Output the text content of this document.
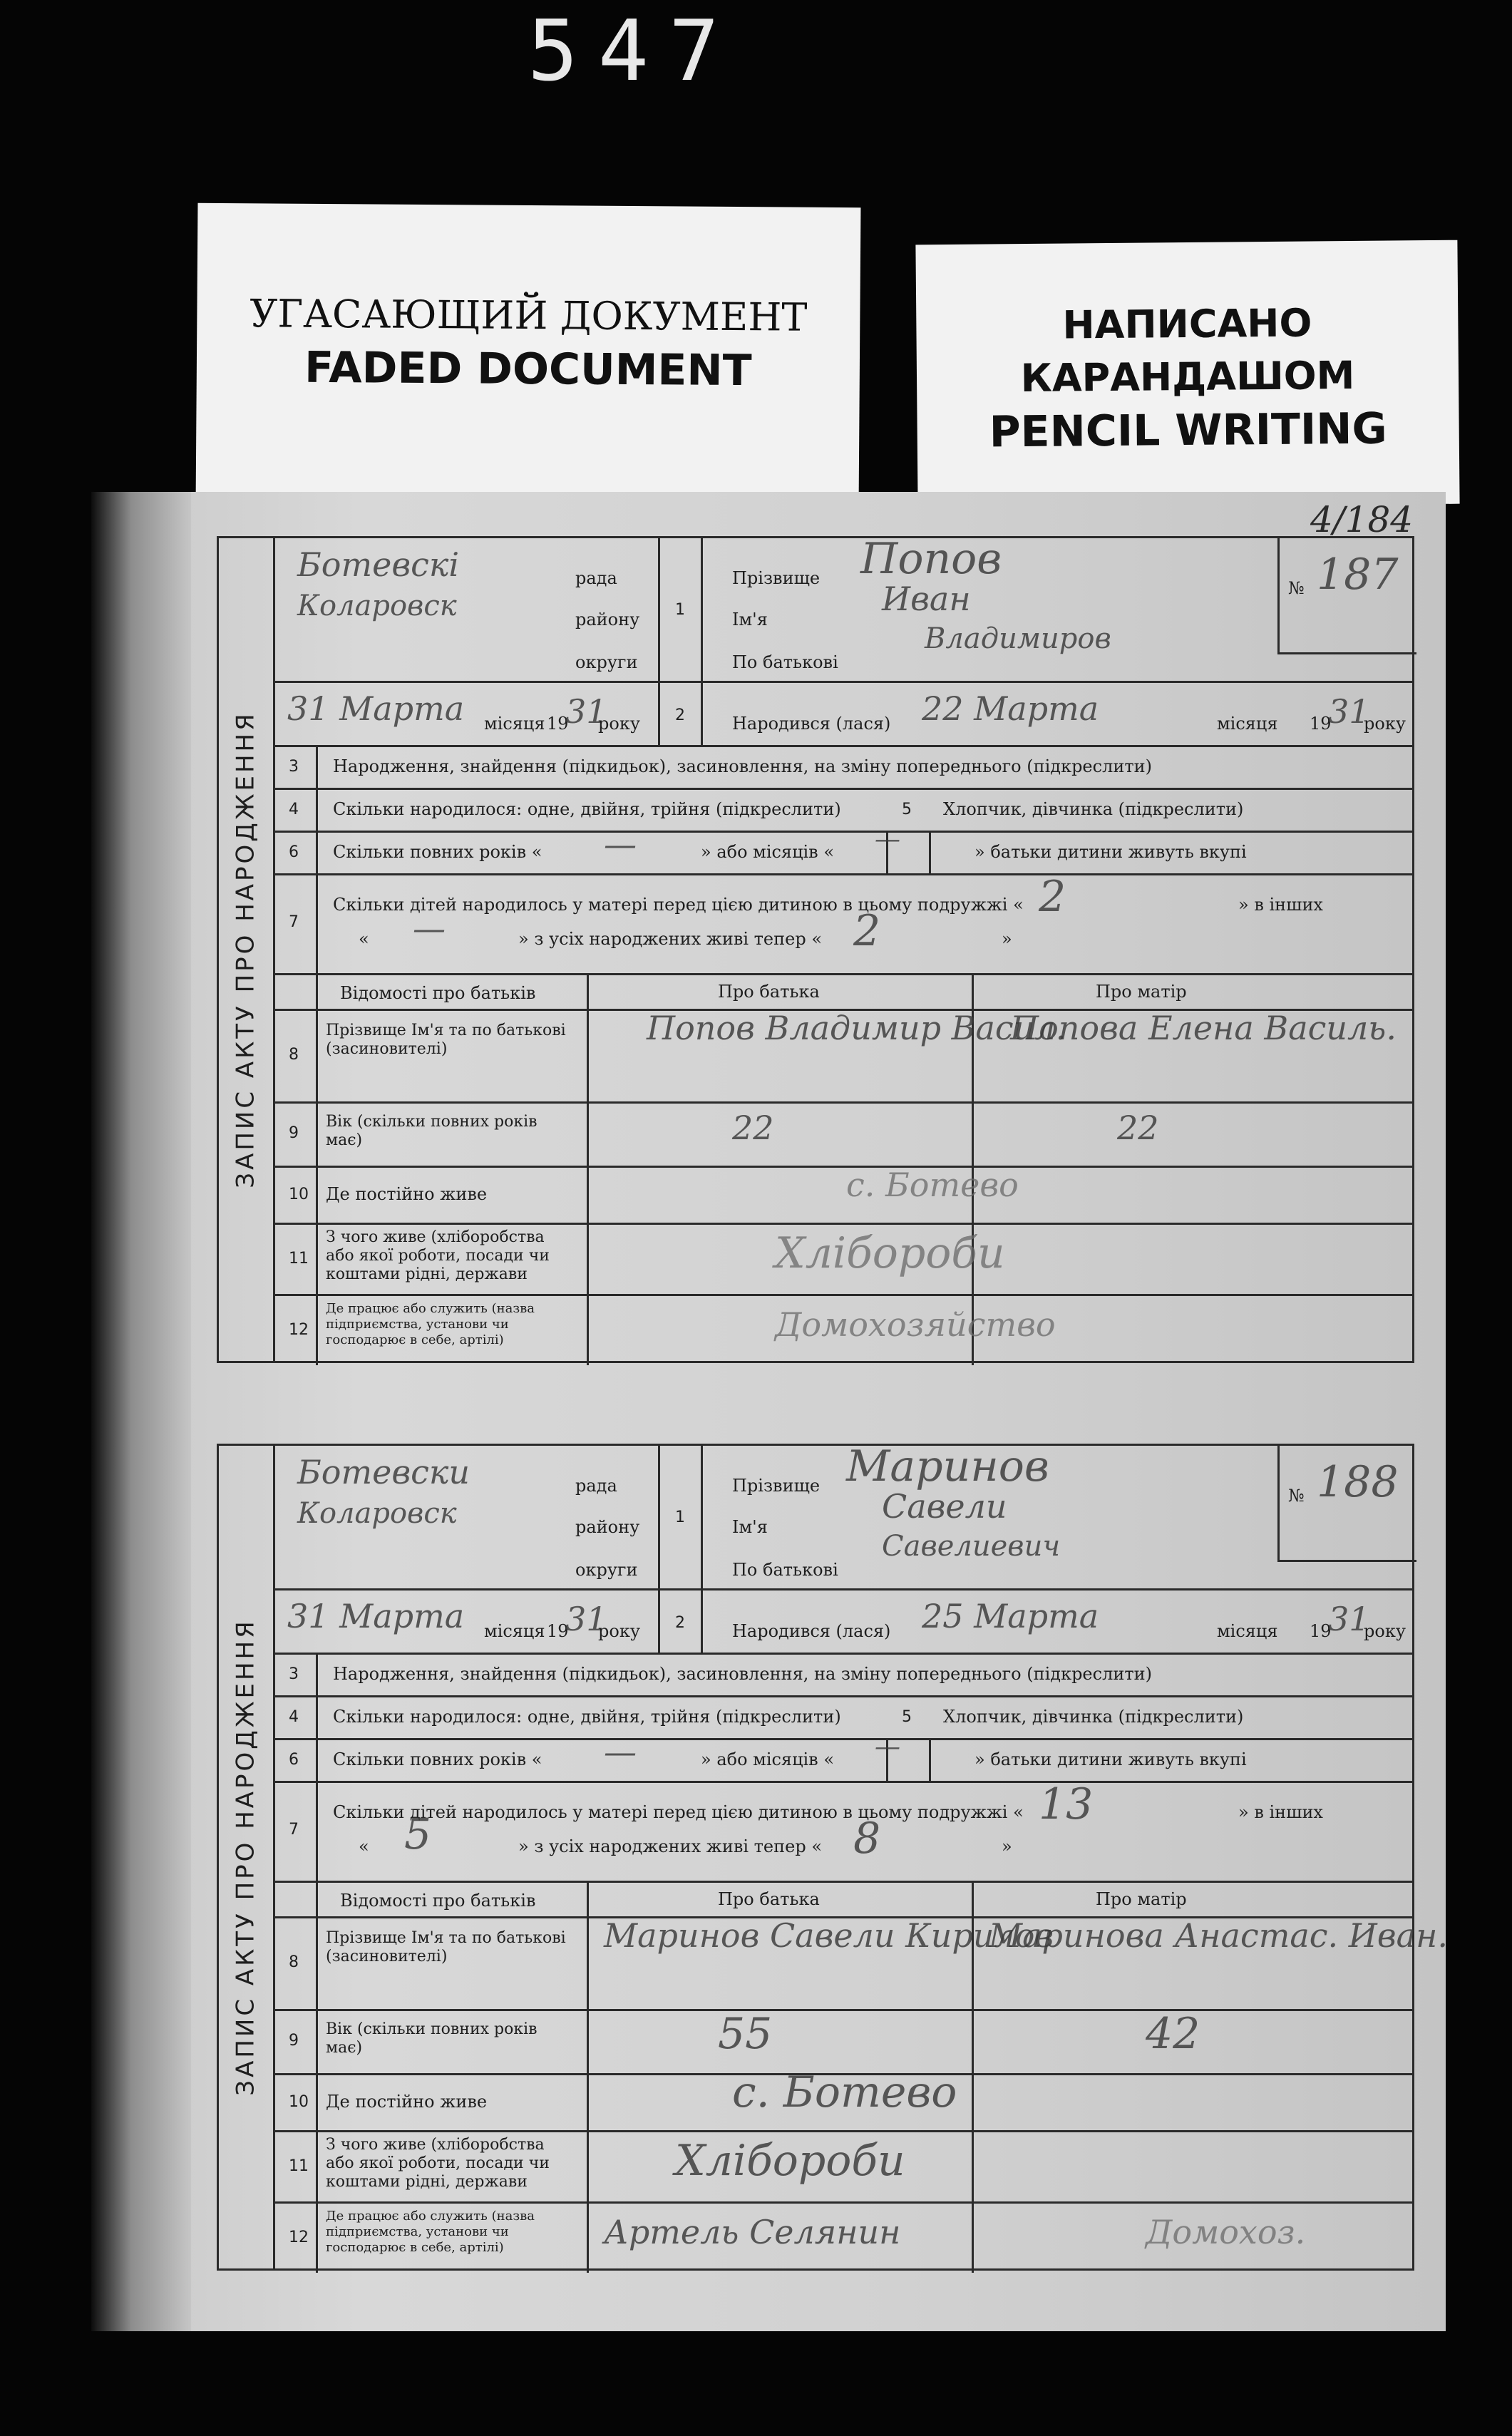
547
УГАСАЮЩИЙ ДОКУМЕНТ
FADED DOCUMENT
НАПИСАНО
КАРАНДАШОМ
PENCIL WRITING
4/184
ЗАПИС АКТУ ПРО НАРОДЖЕННЯ
Ботевскі	рада
Коларовск	району
округи
31 Марта місяця 19
31
року
1
Прізвище Попов
Ім'я
Иван
По батькові
Владимиров
№ 187
2	Народився (лася) 22 Марта	місяця 19
31
року
3 Народження, знайдення (підкидьок), засиновлення, на зміну попереднього (підкреслити)
4 Скільки народилося: одне, двійня, трійня (підкреслити)	5 Хлопчик, дівчинка (підкреслити)
6 Скільки повних років « —	» або місяців « —	» батьки дитини живуть вкупі
7
Скільки дітей народилось у матері перед цією дитиною в цьому подружжі « 2	» в інших
« —	» з усіх народжених живі тепер « 2	»
Відомості про батьків	Про батька	Про матір
8
Прізвище Ім'я та по батькові (засиновителі)
Попов Владимир Васил.
Попова Елена Василь.
9
Вік (скільки повних років має)	22	22
10 Де постійно живе	с. Ботево
11
З чого живе (хліборобства або якої роботи, посади чи коштами рідні, держави	Хлібороби
12
Де працює або служить (назва підприємства, установи чи господарює в себе, артілі)	Домохозяйство
ЗАПИС АКТУ ПРО НАРОДЖЕННЯ
Ботевски	рада
Коларовск	району
округи
31 Марта місяця 19
31
року
1
Прізвище Маринов
Ім'я
Савели
По батькові
Савелиевич
№ 188
2	Народився (лася) 25 Марта	місяця 19
31
року
3 Народження, знайдення (підкидьок), засиновлення, на зміну попереднього (підкреслити)
4 Скільки народилося: одне, двійня, трійня (підкреслити)	5 Хлопчик, дівчинка (підкреслити)
6 Скільки повних років « —	» або місяців « —	» батьки дитини живуть вкупі
7
Скільки дітей народилось у матері перед цією дитиною в цьому подружжі « 13	» в інших
« 5	» з усіх народжених живі тепер « 8	»
Відомості про батьків	Про батька	Про матір
8
Прізвище Ім'я та по батькові (засиновителі)
Маринов Савели Кирилов
Маринова Анастас. Иван.
9
Вік (скільки повних років має)	55	42
10 Де постійно живе	с. Ботево
11
З чого живе (хліборобства або якої роботи, посади чи коштами рідні, держави	Хлібороби
12
Де працює або служить (назва підприємства, установи чи господарює в себе, артілі)	Артель Селянин	Домохоз.
